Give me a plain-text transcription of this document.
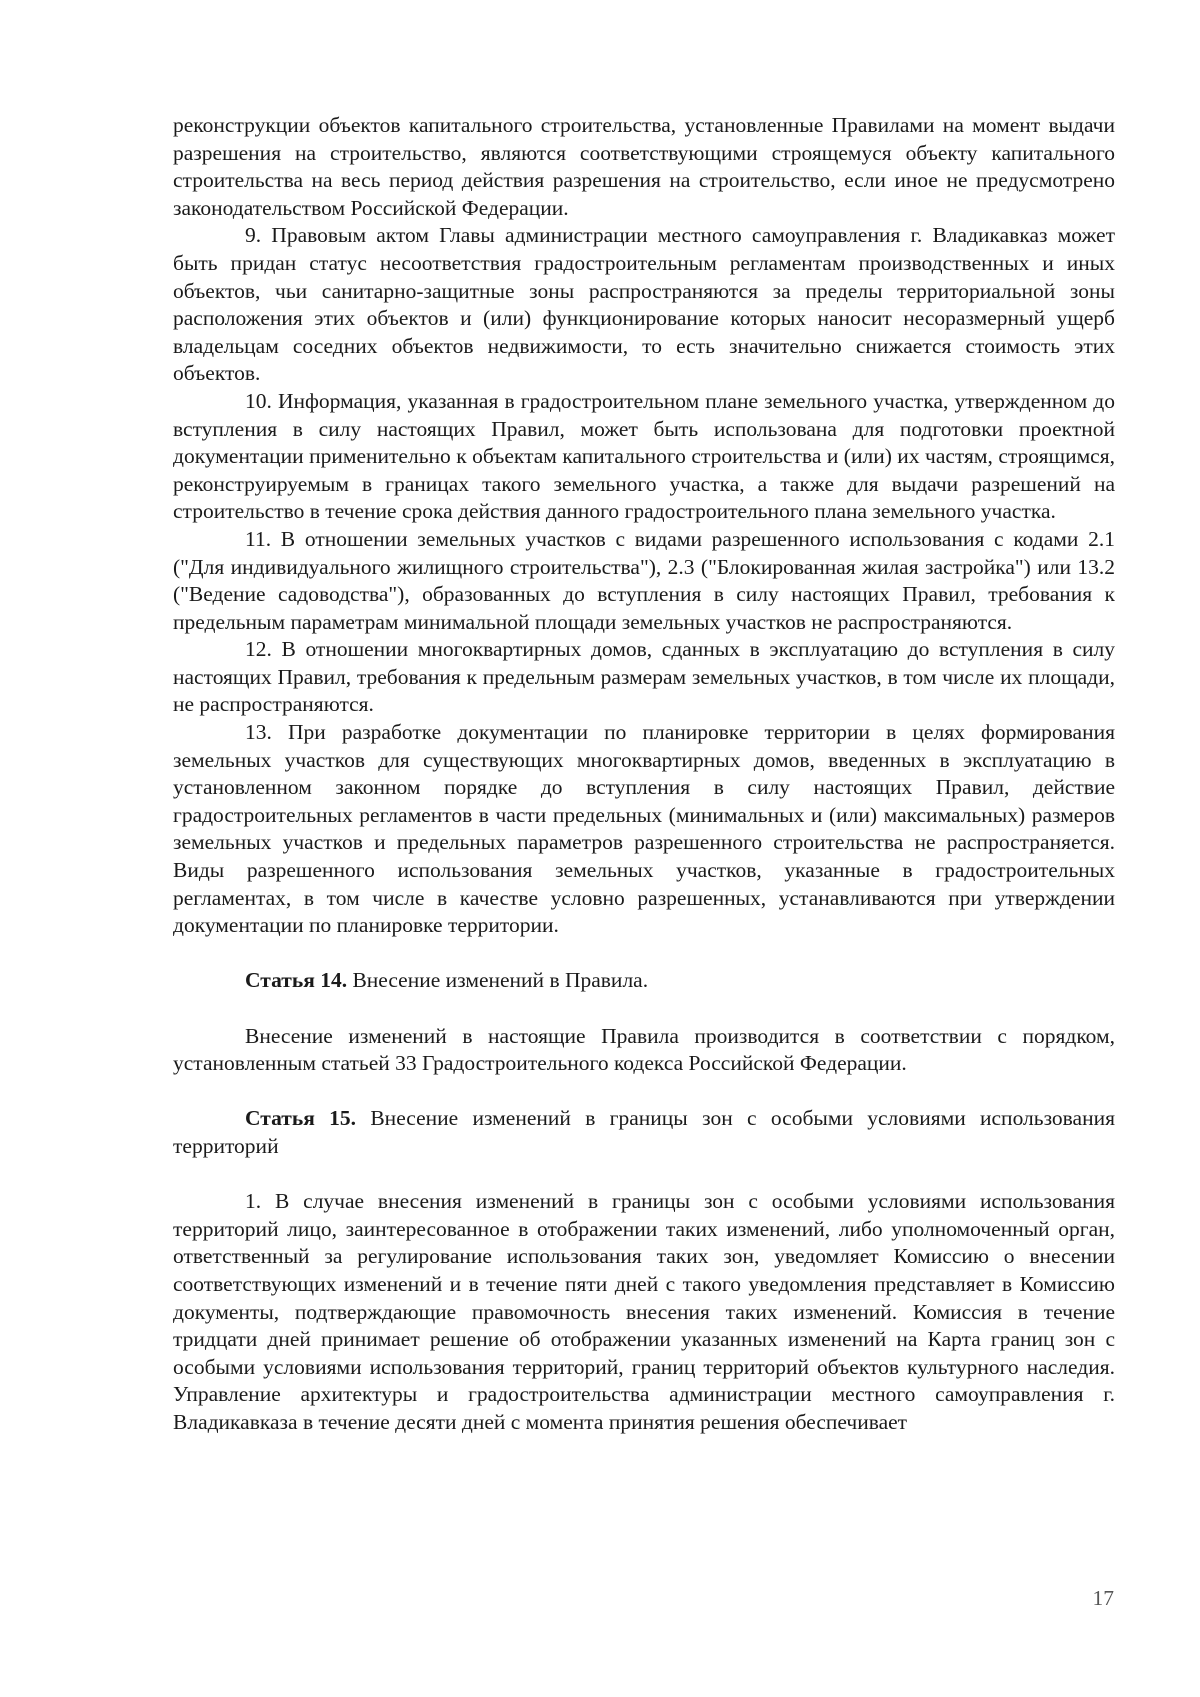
реконструкции объектов капитального строительства, установленные Правилами на момент выдачи разрешения на строительство, являются соответствующими строящемуся объекту капитального строительства на весь период действия разрешения на строительство, если иное не предусмотрено законодательством Российской Федерации.

9. Правовым актом Главы администрации местного самоуправления г. Владикавказ может быть придан статус несоответствия градостроительным регламентам производственных и иных объектов, чьи санитарно-защитные зоны распространяются за пределы территориальной зоны расположения этих объектов и (или) функционирование которых наносит несоразмерный ущерб владельцам соседних объектов недвижимости, то есть значительно снижается стоимость этих объектов.

10. Информация, указанная в градостроительном плане земельного участка, утвержденном до вступления в силу настоящих Правил, может быть использована для подготовки проектной документации применительно к объектам капитального строительства и (или) их частям, строящимся, реконструируемым в границах такого земельного участка, а также для выдачи разрешений на строительство в течение срока действия данного градостроительного плана земельного участка.

11. В отношении земельных участков с видами разрешенного использования с кодами 2.1 ("Для индивидуального жилищного строительства"), 2.3 ("Блокированная жилая застройка") или 13.2 ("Ведение садоводства"), образованных до вступления в силу настоящих Правил, требования к предельным параметрам минимальной площади земельных участков не распространяются.

12. В отношении многоквартирных домов, сданных в эксплуатацию до вступления в силу настоящих Правил, требования к предельным размерам земельных участков, в том числе их площади, не распространяются.

13. При разработке документации по планировке территории в целях формирования земельных участков для существующих многоквартирных домов, введенных в эксплуатацию в установленном законном порядке до вступления в силу настоящих Правил, действие градостроительных регламентов в части предельных (минимальных и (или) максимальных) размеров земельных участков и предельных параметров разрешенного строительства не распространяется. Виды разрешенного использования земельных участков, указанные в градостроительных регламентах, в том числе в качестве условно разрешенных, устанавливаются при утверждении документации по планировке территории.

Статья 14. Внесение изменений в Правила.

Внесение изменений в настоящие Правила производится в соответствии с порядком, установленным статьей 33 Градостроительного кодекса Российской Федерации.

Статья 15. Внесение изменений в границы зон с особыми условиями использования территорий

1. В случае внесения изменений в границы зон с особыми условиями использования территорий лицо, заинтересованное в отображении таких изменений, либо уполномоченный орган, ответственный за регулирование использования таких зон, уведомляет Комиссию о внесении соответствующих изменений и в течение пяти дней с такого уведомления представляет в Комиссию документы, подтверждающие правомочность внесения таких изменений. Комиссия в течение тридцати дней принимает решение об отображении указанных изменений на Карта границ зон с особыми условиями использования территорий, границ территорий объектов культурного наследия. Управление архитектуры и градостроительства администрации местного самоуправления г. Владикавказа в течение десяти дней с момента принятия решения обеспечивает

17
